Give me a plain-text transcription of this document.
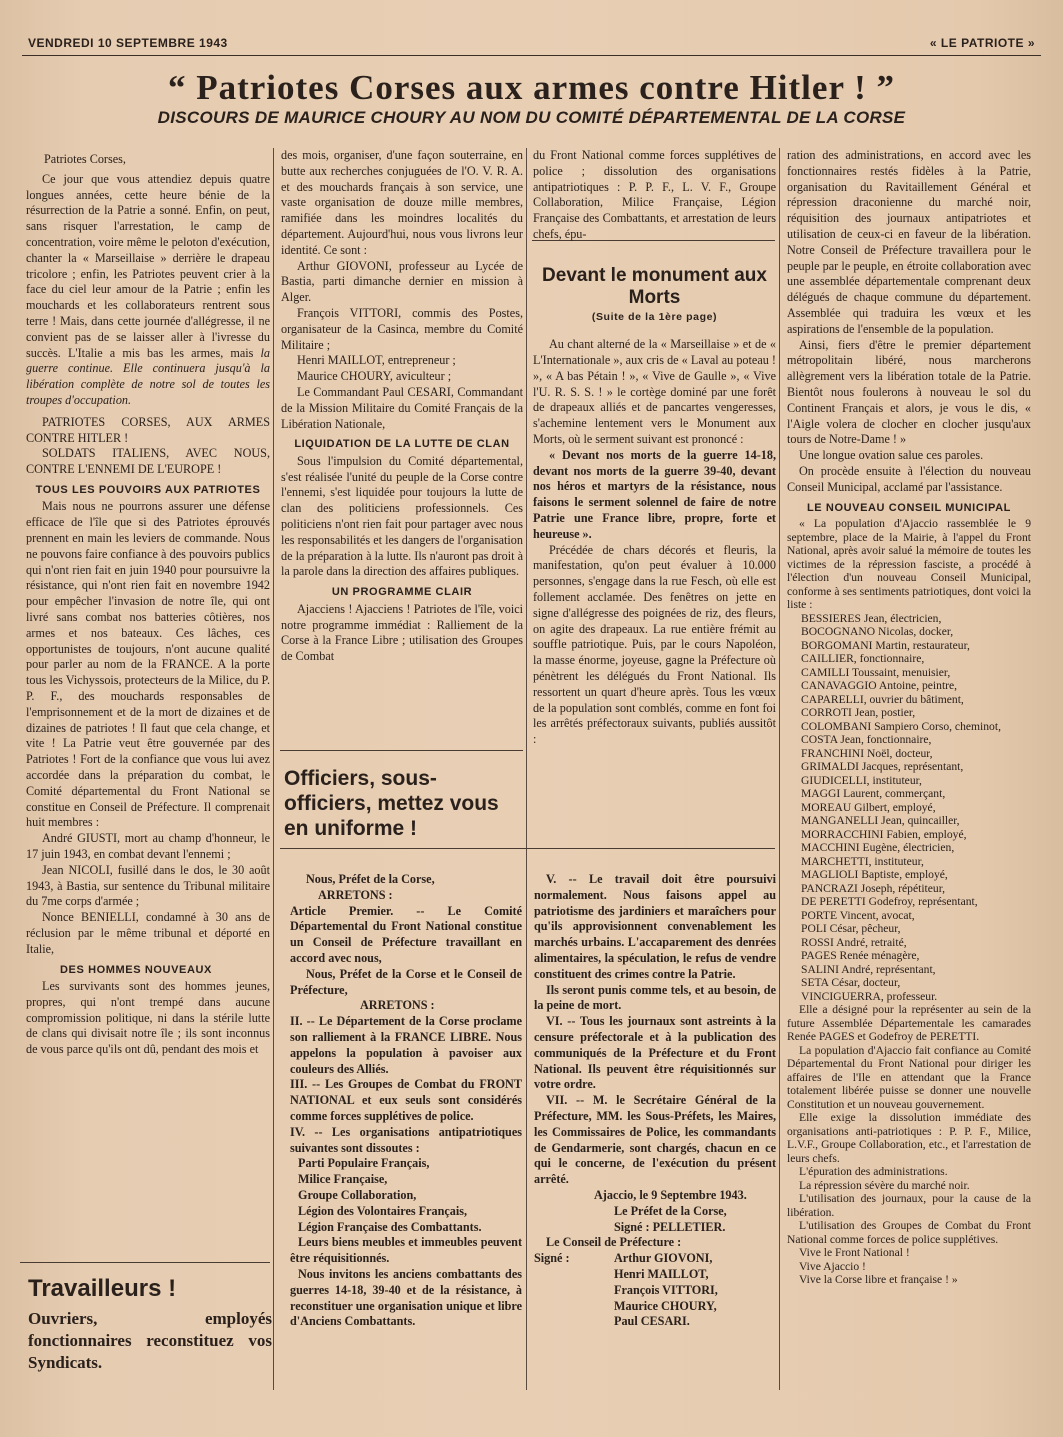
VENDREDI 10 SEPTEMBRE 1943	« LE PATRIOTE »
“ Patriotes Corses aux armes contre Hitler ! ”
DISCOURS DE MAURICE CHOURY AU NOM DU COMITÉ DÉPARTEMENTAL DE LA CORSE

Patriotes Corses,

Ce jour que vous attendiez depuis quatre longues années, cette heure bénie de la résurrection de la Patrie a sonné. Enfin, on peut, sans risquer l'arrestation, le camp de concentration, voire même le peloton d'exécution, chanter la « Marseillaise » derrière le drapeau tricolore ; enfin, les Patriotes peuvent crier à la face du ciel leur amour de la Patrie ; enfin les mouchards et les collaborateurs rentrent sous terre ! Mais, dans cette journée d'allégresse, il ne convient pas de se laisser aller à l'ivresse du succès. L'Italie a mis bas les armes, mais la guerre continue. Elle continuera jusqu'à la libération complète de notre sol de toutes les troupes d'occupation.

PATRIOTES CORSES, AUX ARMES CONTRE HITLER !

SOLDATS ITALIENS, AVEC NOUS, CONTRE L'ENNEMI DE L'EUROPE !

TOUS LES POUVOIRS AUX PATRIOTES

Mais nous ne pourrons assurer une défense efficace de l'île que si des Patriotes éprouvés prennent en main les leviers de commande. Nous ne pouvons faire confiance à des pouvoirs publics qui n'ont rien fait en juin 1940 pour poursuivre la résistance, qui n'ont rien fait en novembre 1942 pour empêcher l'invasion de notre île, qui ont livré sans combat nos batteries côtières, nos armes et nos bateaux. Ces lâches, ces opportunistes de toujours, n'ont aucune qualité pour parler au nom de la FRANCE. A la porte tous les Vichyssois, protecteurs de la Milice, du P. P. F., des mouchards responsables de l'emprisonnement et de la mort de dizaines et de dizaines de patriotes ! Il faut que cela change, et vite ! La Patrie veut être gouvernée par des Patriotes ! Fort de la confiance que vous lui avez accordée dans la préparation du combat, le Comité départemental du Front National se constitue en Conseil de Préfecture. Il comprenait huit membres :

André GIUSTI, mort au champ d'honneur, le 17 juin 1943, en combat devant l'ennemi ;

Jean NICOLI, fusillé dans le dos, le 30 août 1943, à Bastia, sur sentence du Tribunal militaire du 7me corps d'armée ;

Nonce BENIELLI, condamné à 30 ans de réclusion par le même tribunal et déporté en Italie,

DES HOMMES NOUVEAUX

Les survivants sont des hommes jeunes, propres, qui n'ont trempé dans aucune compromission politique, ni dans la stérile lutte de clans qui divisait notre île ; ils sont inconnus de vous parce qu'ils ont dû, pendant des mois et

Travailleurs !
Ouvriers, employés fonctionnaires reconstituez vos Syndicats.

des mois, organiser, d'une façon souterraine, en butte aux recherches conjuguées de l'O. V. R. A. et des mouchards français à son service, une vaste organisation de douze mille membres, ramifiée dans les moindres localités du département. Aujourd'hui, nous vous livrons leur identité. Ce sont :

Arthur GIOVONI, professeur au Lycée de Bastia, parti dimanche dernier en mission à Alger.

François VITTORI, commis des Postes, organisateur de la Casinca, membre du Comité Militaire ;

Henri MAILLOT, entrepreneur ;

Maurice CHOURY, aviculteur ;

Le Commandant Paul CESARI, Commandant de la Mission Militaire du Comité Français de la Libération Nationale,

LIQUIDATION DE LA LUTTE DE CLAN

Sous l'impulsion du Comité départemental, s'est réalisée l'unité du peuple de la Corse contre l'ennemi, s'est liquidée pour toujours la lutte de clan des politiciens professionnels. Ces politiciens n'ont rien fait pour partager avec nous les responsabilités et les dangers de l'organisation de la préparation à la lutte. Ils n'auront pas droit à la parole dans la direction des affaires publiques.

UN PROGRAMME CLAIR

Ajacciens ! Ajacciens ! Patriotes de l'île, voici notre programme immédiat : Ralliement de la Corse à la France Libre ; utilisation des Groupes de Combat

Officiers, sous-officiers, mettez vous en uniforme !

du Front National comme forces supplétives de police ; dissolution des organisations antipatriotiques : P. P. F., L. V. F., Groupe Collaboration, Milice Française, Légion Française des Combattants, et arrestation de leurs chefs, épu-

Devant le monument aux Morts
(Suite de la 1ère page)

Au chant alterné de la « Marseillaise » et de « L'Internationale », aux cris de « Laval au poteau ! », « A bas Pétain ! », « Vive de Gaulle », « Vive l'U. R. S. S. ! » le cortège dominé par une forêt de drapeaux alliés et de pancartes vengeresses, s'achemine lentement vers le Monument aux Morts, où le serment suivant est prononcé :

« Devant nos morts de la guerre 14-18, devant nos morts de la guerre 39-40, devant nos héros et martyrs de la résistance, nous faisons le serment solennel de faire de notre Patrie une France libre, propre, forte et heureuse ».

Précédée de chars décorés et fleuris, la manifestation, qu'on peut évaluer à 10.000 personnes, s'engage dans la rue Fesch, où elle est follement acclamée. Des fenêtres on jette en signe d'allégresse des poignées de riz, des fleurs, on agite des drapeaux. La rue entière frémit au souffle patriotique. Puis, par le cours Napoléon, la masse énorme, joyeuse, gagne la Préfecture où pénètrent les délégués du Front National. Ils ressortent un quart d'heure après. Tous les vœux de la population sont comblés, comme en font foi les arrêtés préfectoraux suivants, publiés aussitôt :

ration des administrations, en accord avec les fonctionnaires restés fidèles à la Patrie, organisation du Ravitaillement Général et répression draconienne du marché noir, réquisition des journaux antipatriotes et utilisation de ceux-ci en faveur de la libération. Notre Conseil de Préfecture travaillera pour le peuple par le peuple, en étroite collaboration avec une assemblée départementale comprenant deux délégués de chaque commune du département. Assemblée qui traduira les vœux et les aspirations de l'ensemble de la population.

Ainsi, fiers d'être le premier département métropolitain libéré, nous marcherons allègrement vers la libération totale de la Patrie. Bientôt nous foulerons à nouveau le sol du Continent Français et alors, je vous le dis, « l'Aigle volera de clocher en clocher jusqu'aux tours de Notre-Dame ! »

Une longue ovation salue ces paroles.

On procède ensuite à l'élection du nouveau Conseil Municipal, acclamé par l'assistance.

LE NOUVEAU CONSEIL MUNICIPAL

« La population d'Ajaccio rassemblée le 9 septembre, place de la Mairie, à l'appel du Front National, après avoir salué la mémoire de toutes les victimes de la répression fasciste, a procédé à l'élection d'un nouveau Conseil Municipal, conforme à ses sentiments patriotiques, dont voici la liste :

BESSIERES Jean, électricien,
BOCOGNANO Nicolas, docker,
BORGOMANI Martin, restaurateur,
CAILLIER, fonctionnaire,
CAMILLI Toussaint, menuisier,
CANAVAGGIO Antoine, peintre,
CAPARELLI, ouvrier du bâtiment,
CORROTI Jean, postier,
COLOMBANI Sampiero Corso, cheminot,
COSTA Jean, fonctionnaire,
FRANCHINI Noël, docteur,
GRIMALDI Jacques, représentant,
GIUDICELLI, instituteur,
MAGGI Laurent, commerçant,
MOREAU Gilbert, employé,
MANGANELLI Jean, quincailler,
MORRACCHINI Fabien, employé,
MACCHINI Eugène, électricien,
MARCHETTI, instituteur,
MAGLIOLI Baptiste, employé,
PANCRAZI Joseph, répétiteur,
DE PERETTI Godefroy, représentant,
PORTE Vincent, avocat,
POLI César, pêcheur,
ROSSI André, retraité,
PAGES Renée ménagère,
SALINI André, représentant,
SETA César, docteur,
VINCIGUERRA, professeur.

Elle a désigné pour la représenter au sein de la future Assemblée Départementale les camarades Renée PAGES et Godefroy de PERETTI.

La population d'Ajaccio fait confiance au Comité Départemental du Front National pour diriger les affaires de l'Ile en attendant que la France totalement libérée puisse se donner une nouvelle Constitution et un nouveau gouvernement.

Elle exige la dissolution immédiate des organisations anti-patriotiques : P. P. F., Milice, L.V.F., Groupe Collaboration, etc., et l'arrestation de leurs chefs.

L'épuration des administrations.

La répression sévère du marché noir.

L'utilisation des journaux, pour la cause de la libération.

L'utilisation des Groupes de Combat du Front National comme forces de police supplétives.

Vive le Front National !

Vive Ajaccio !

Vive la Corse libre et française ! »

Nous, Préfet de la Corse,

ARRETONS :

Article Premier. -- Le Comité Départemental du Front National constitue un Conseil de Préfecture travaillant en accord avec nous,

Nous, Préfet de la Corse et le Conseil de Préfecture,

ARRETONS :

II. -- Le Département de la Corse proclame son ralliement à la FRANCE LIBRE. Nous appelons la population à pavoiser aux couleurs des Alliés.

III. -- Les Groupes de Combat du FRONT NATIONAL et eux seuls sont considérés comme forces supplétives de police.

IV. -- Les organisations antipatriotiques suivantes sont dissoutes :

Parti Populaire Français,

Milice Française,

Groupe Collaboration,

Légion des Volontaires Français,

Légion Française des Combattants.

Leurs biens meubles et immeubles peuvent être réquisitionnés.

Nous invitons les anciens combattants des guerres 14-18, 39-40 et de la résistance, à reconstituer une organisation unique et libre d'Anciens Combattants.

V. -- Le travail doit être poursuivi normalement. Nous faisons appel au patriotisme des jardiniers et maraîchers pour qu'ils approvisionnent convenablement les marchés urbains. L'accaparement des denrées alimentaires, la spéculation, le refus de vendre constituent des crimes contre la Patrie.

Ils seront punis comme tels, et au besoin, de la peine de mort.

VI. -- Tous les journaux sont astreints à la censure préfectorale et à la publication des communiqués de la Préfecture et du Front National. Ils peuvent être réquisitionnés sur votre ordre.

VII. -- M. le Secrétaire Général de la Préfecture, MM. les Sous-Préfets, les Maires, les Commissaires de Police, les commandants de Gendarmerie, sont chargés, chacun en ce qui le concerne, de l'exécution du présent arrêté.

Ajaccio, le 9 Septembre 1943.

Le Préfet de la Corse,

Signé : PELLETIER.

Le Conseil de Préfecture :

Signé :	Arthur GIOVONI,

Henri MAILLOT,

François VITTORI,

Maurice CHOURY,

Paul CESARI.
